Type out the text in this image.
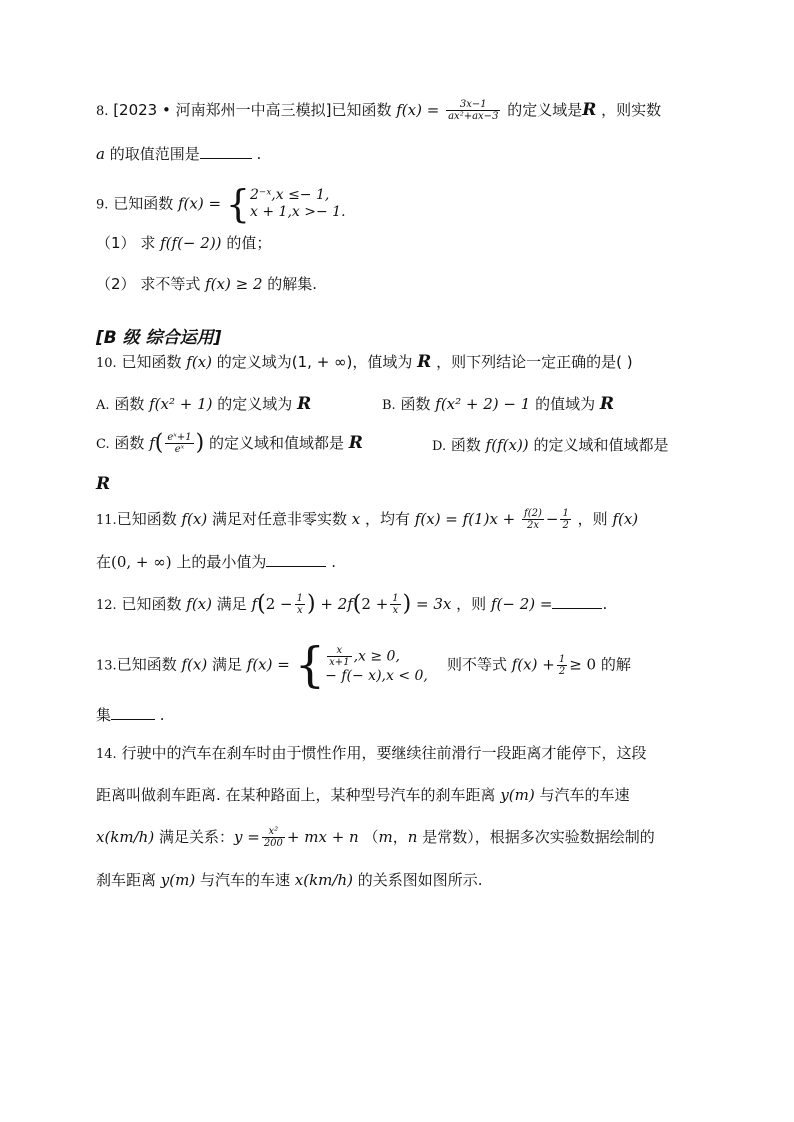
8. [2023 • 河南郑州一中高三模拟]已知函数 $f(x) = \frac{3x-1}{\text{ax²+ax−3}}$ 的定义域是R ，则实数
a 的取值范围是	.
9. 已知函数 f(x) = { 2⁻ˣ,x ≤− 1,
x + 1,x >− 1.
（1） 求 f(f(− 2)) 的值；
（2） 求不等式 f(x) ≥ 2 的解集.
[B 级 综合运用]
10. 已知函数 f(x) 的定义域为(1, + ∞)，值域为 R ，则下列结论一定正确的是( )
A. 函数 f(x² + 1) 的定义域为 R	B. 函数 f(x² + 2) − 1 的值域为 R
C. 函数 $f( \frac{\text{eˣ+1}}{\text{eˣ}}$ ) 的定义域和值域都是 R	D. 函数 f(f(x)) 的定义域和值域都是
R
11.已知函数 f(x) 满足对任意非零实数 x ，均有 $f(x) = f(1)x + \frac{f(2)}{2x} - \frac{1}{2}$ ，则 f(x)
在(0, + ∞) 上的最小值为	.
12. 已知函数 f(x) 满足 $f(2 - \frac{1}{x}$ ) + $2f(2 + \frac{1}{x}$ ) = 3x ，则 f(− 2) =	.
13.已知函数 f(x) 满足 f(x) = { $\frac{x}{x+1} ,x \ge 0$,
− f(− x),x < 0,
则不等式 $f(x) + \frac{1}{2} \ge 0$ 的解
集	.
14. 行驶中的汽车在刹车时由于惯性作用，要继续往前滑行一段距离才能停下，这段
距离叫做刹车距离. 在某种路面上，某种型号汽车的刹车距离 y(m) 与汽车的车速
x(km/h) 满足关系：$y = \frac{\text{x²}}{200}$ + mx + n （m，n 是常数），根据多次实验数据绘制的
刹车距离 y(m) 与汽车的车速 x(km/h) 的关系图如图所示.
